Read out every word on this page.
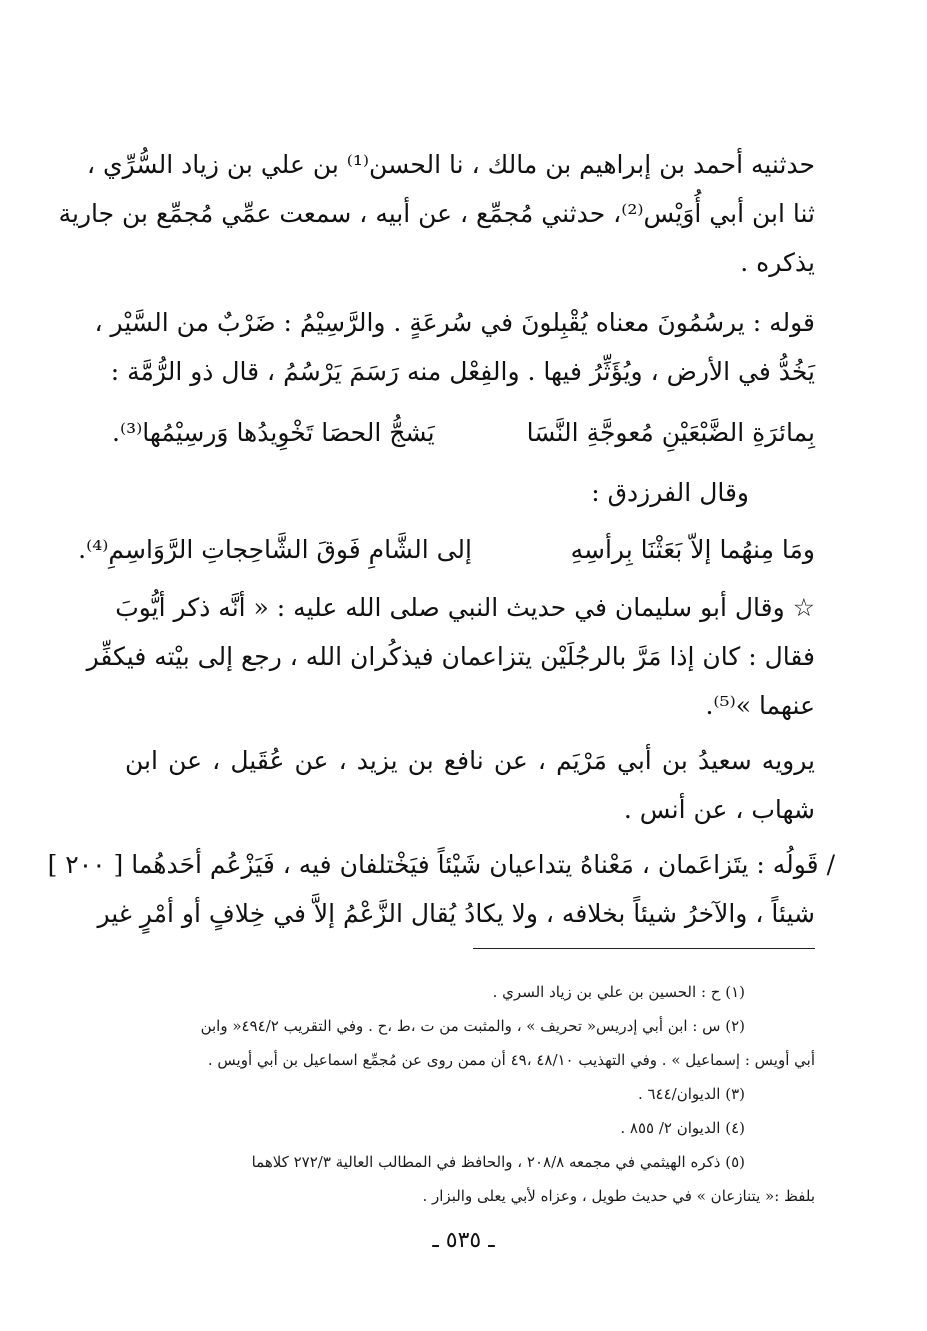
حدثنيه أحمد بن إبراهيم بن مالك ، نا الحسن⁽¹⁾ بن علي بن زياد السُّرِّي ،
ثنا ابن أبي أُوَيْس⁽²⁾، حدثني مُجمِّع ، عن أبيه ، سمعت عمِّي مُجمِّع بن جارية
يذكره .
قوله : يرسُمُونَ معناه يُقْبِلونَ في سُرعَةٍ . والرَّسِيْمُ : ضَرْبٌ من السَّيْر ،
يَخُدُّ في الأرض ، ويُؤَثِّرُ فيها . والفِعْل منه رَسَمَ يَرْسُمُ ، قال ذو الرُّمَّة :
بِمائرَةِ الضَّبْعَيْنِ مُعوجَّةِ النَّسَا
يَشجُّ الحصَا تَخْوِيدُها وَرسِيْمُها⁽³⁾.
وقال الفرزدق :
ومَا مِنهُما إلاّ بَعَثْنَا بِرأسِهِ
إلى الشَّامِ فَوقَ الشَّاحِجاتِ الرَّوَاسِمِ⁽⁴⁾.
☆ وقال أبو سليمان في حديث النبي صلى الله عليه : « أنَّه ذكر أيُّوبَ
فقال : كان إذا مَرَّ بالرجُلَيْن يتزاعمان فيذكُران الله ، رجع إلى بيْته فيكفِّر
عنهما »⁽⁵⁾.
يرويه سعيدُ بن أبي مَرْيَم ، عن نافع بن يزيد ، عن عُقَيل ، عن ابن
شهاب ، عن أنس .
/ قَولُه : يتَزاعَمان ، مَعْناهُ يتداعيان شَيْئاً فيَخْتلفان فيه ، فَيَزْعُم أحَدهُما [ ٢٠٠ ]
شيئاً ، والآخرُ شيئاً بخلافه ، ولا يكادُ يُقال الزَّعْمُ إلاَّ في خِلافٍ أو أمْرٍ غير
(١) ح : الحسين بن علي بن زياد السري .
(٢) س : ابن أبي إدريس« تحريف » ، والمثبت من ت ،ط ،ح . وفي التقريب ٤٩٤/٢« وابن
أبي أويس : إسماعيل » . وفي التهذيب ٤٨/١٠ ،٤٩ أن ممن روى عن مُجمِّع اسماعيل بن أبي أويس .
(٣) الديوان/٦٤٤ .
(٤) الديوان ٢/ ٨٥٥ .
(٥) ذكره الهيثمي في مجمعه ٢٠٨/٨ ، والحافظ في المطالب العالية ٢٧٢/٣ كلاهما
بلفظ :« يتنازعان » في حديث طويل ، وعزاه لأبي يعلى والبزار .
ـ ٥٣٥ ـ
